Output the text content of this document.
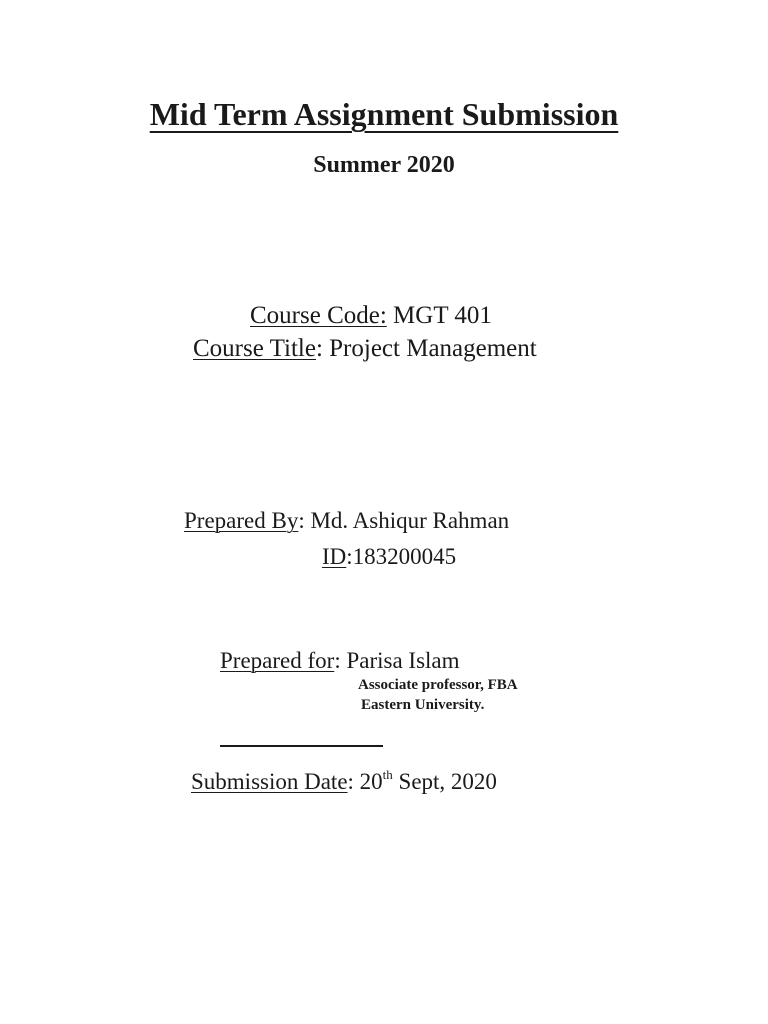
Mid Term Assignment Submission
Summer 2020
Course Code: MGT 401
Course Title: Project Management
Prepared By: Md. Ashiqur Rahman
ID:183200045
Prepared for: Parisa Islam
Associate professor, FBA
Eastern University.
Submission Date: 20th Sept, 2020
